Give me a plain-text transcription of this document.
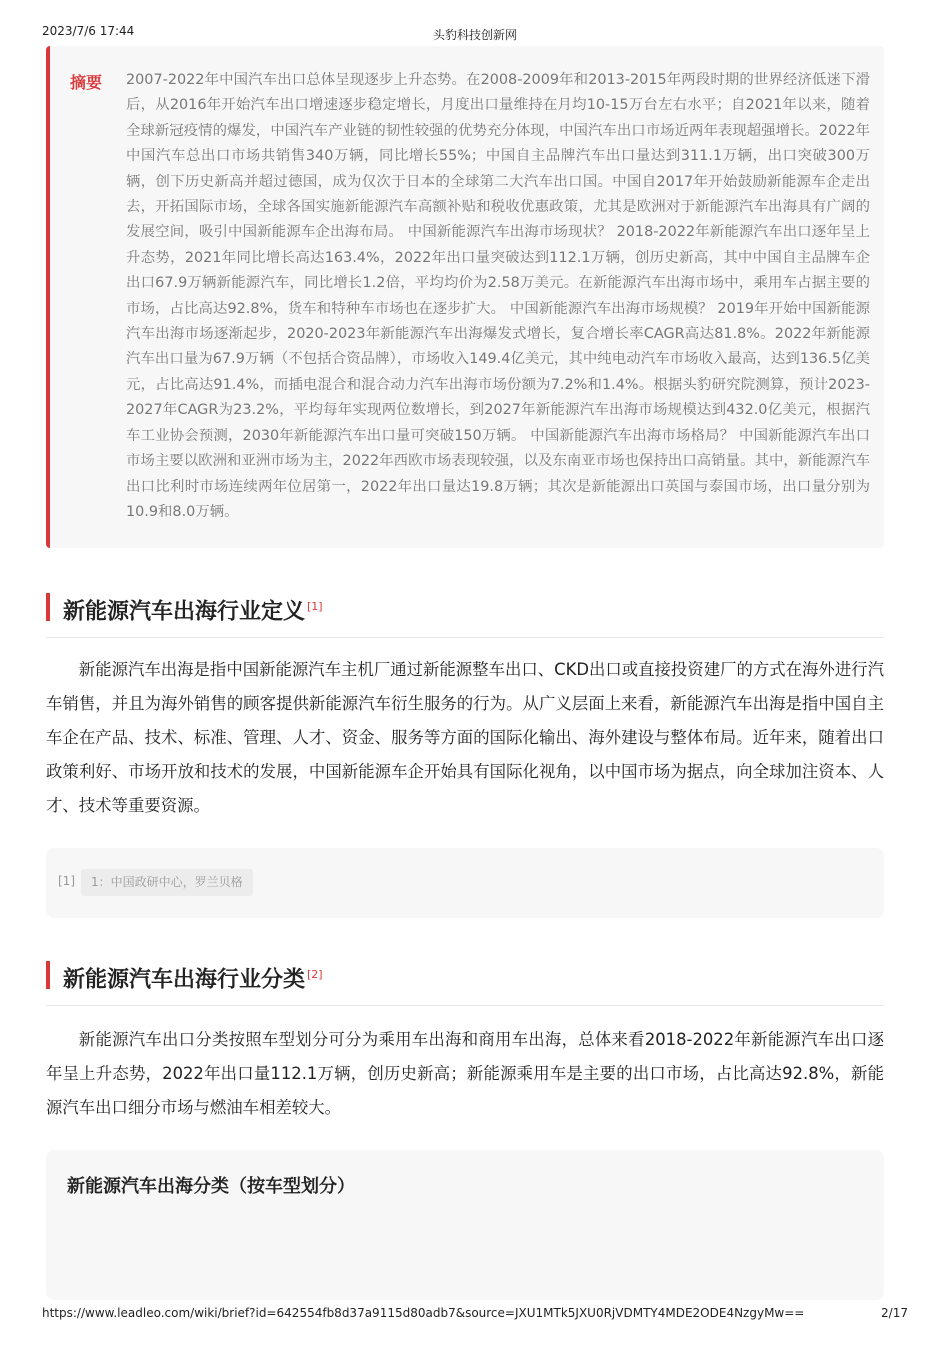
2023/7/6 17:44	头豹科技创新网
摘要 2007-2022年中国汽车出口总体呈现逐步上升态势。在2008-2009年和2013-2015年两段时期的世界经济低迷下滑后，从2016年开始汽车出口增速逐步稳定增长，月度出口量维持在月均10-15万台左右水平；自2021年以来，随着全球新冠疫情的爆发，中国汽车产业链的韧性较强的优势充分体现，中国汽车出口市场近两年表现超强增长。2022年中国汽车总出口市场共销售340万辆，同比增长55%；中国自主品牌汽车出口量达到311.1万辆，出口突破300万辆，创下历史新高并超过德国，成为仅次于日本的全球第二大汽车出口国。中国自2017年开始鼓励新能源车企走出去，开拓国际市场，全球各国实施新能源汽车高额补贴和税收优惠政策，尤其是欧洲对于新能源汽车出海具有广阔的发展空间，吸引中国新能源车企出海布局。 中国新能源汽车出海市场现状？ 2018-2022年新能源汽车出口逐年呈上升态势，2021年同比增长高达163.4%，2022年出口量突破达到112.1万辆，创历史新高，其中中国自主品牌车企出口67.9万辆新能源汽车，同比增长1.2倍，平均均价为2.58万美元。在新能源汽车出海市场中，乘用车占据主要的市场，占比高达92.8%，货车和特种车市场也在逐步扩大。 中国新能源汽车出海市场规模？ 2019年开始中国新能源汽车出海市场逐渐起步，2020-2023年新能源汽车出海爆发式增长，复合增长率CAGR高达81.8%。2022年新能源汽车出口量为67.9万辆（不包括合资品牌），市场收入149.4亿美元，其中纯电动汽车市场收入最高，达到136.5亿美元，占比高达91.4%，而插电混合和混合动力汽车出海市场份额为7.2%和1.4%。根据头豹研究院测算，预计2023-2027年CAGR为23.2%，平均每年实现两位数增长，到2027年新能源汽车出海市场规模达到432.0亿美元，根据汽车工业协会预测，2030年新能源汽车出口量可突破150万辆。 中国新能源汽车出海市场格局？ 中国新能源汽车出口市场主要以欧洲和亚洲市场为主，2022年西欧市场表现较强，以及东南亚市场也保持出口高销量。其中，新能源汽车出口比利时市场连续两年位居第一，2022年出口量达19.8万辆；其次是新能源出口英国与泰国市场，出口量分别为10.9和8.0万辆。
新能源汽车出海行业定义 [1]
新能源汽车出海是指中国新能源汽车主机厂通过新能源整车出口、CKD出口或直接投资建厂的方式在海外进行汽车销售，并且为海外销售的顾客提供新能源汽车衍生服务的行为。从广义层面上来看，新能源汽车出海是指中国自主车企在产品、技术、标准、管理、人才、资金、服务等方面的国际化输出、海外建设与整体布局。近年来，随着出口政策利好、市场开放和技术的发展，中国新能源车企开始具有国际化视角，以中国市场为据点，向全球加注资本、人才、技术等重要资源。
[1]	1：中国政研中心，罗兰贝格
新能源汽车出海行业分类 [2]
新能源汽车出口分类按照车型划分可分为乘用车出海和商用车出海，总体来看2018-2022年新能源汽车出口逐年呈上升态势，2022年出口量112.1万辆，创历史新高；新能源乘用车是主要的出口市场，占比高达92.8%，新能源汽车出口细分市场与燃油车相差较大。
新能源汽车出海分类（按车型划分）
https://www.leadleo.com/wiki/brief?id=642554fb8d37a9115d80adb7&source=JXU1MTk5JXU0RjVDMTY4MDE2ODE4NzgyMw==	2/17
